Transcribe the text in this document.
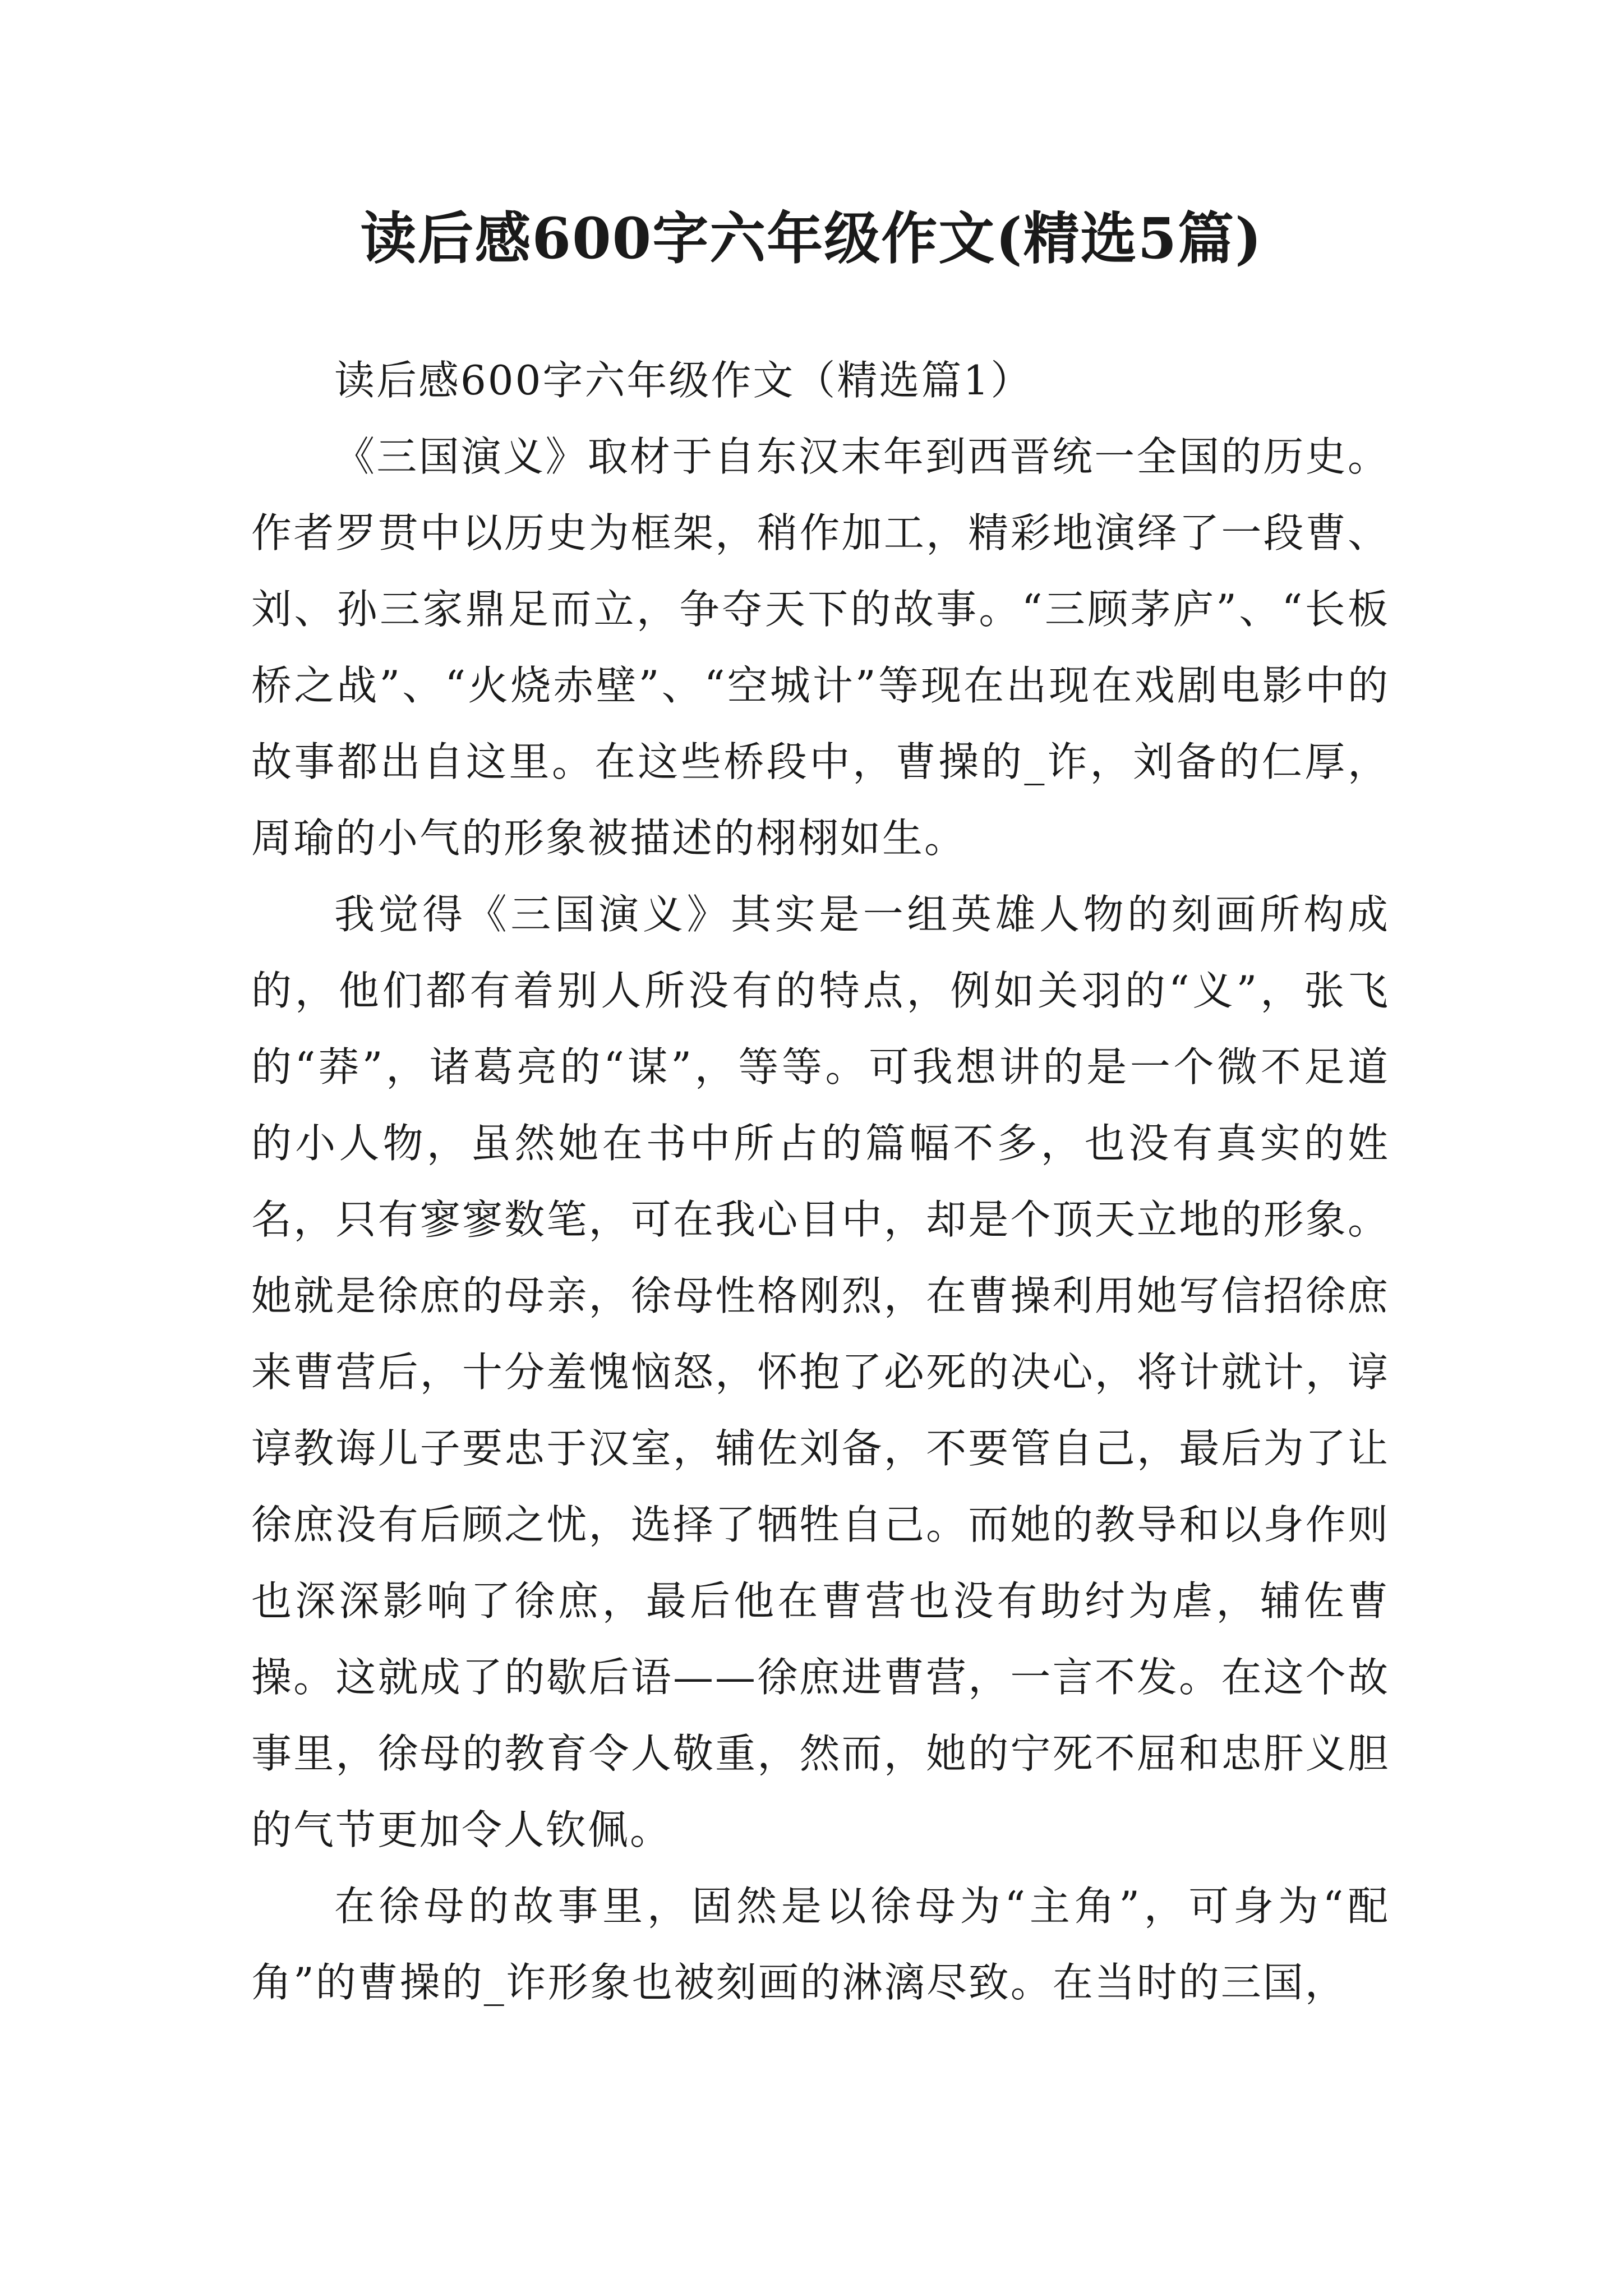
读后感600字六年级作文(精选5篇)

读后感600字六年级作文（精选篇1）

《三国演义》取材于自东汉末年到西晋统一全国的历史。作者罗贯中以历史为框架，稍作加工，精彩地演绎了一段曹、刘、孙三家鼎足而立，争夺天下的故事。“三顾茅庐”、“长板桥之战”、“火烧赤壁”、“空城计”等现在出现在戏剧电影中的故事都出自这里。在这些桥段中，曹操的_诈，刘备的仁厚，周瑜的小气的形象被描述的栩栩如生。

我觉得《三国演义》其实是一组英雄人物的刻画所构成的，他们都有着别人所没有的特点，例如关羽的“义”，张飞的“莽”，诸葛亮的“谋”，等等。可我想讲的是一个微不足道的小人物，虽然她在书中所占的篇幅不多，也没有真实的姓名，只有寥寥数笔，可在我心目中，却是个顶天立地的形象。她就是徐庶的母亲，徐母性格刚烈，在曹操利用她写信招徐庶来曹营后，十分羞愧恼怒，怀抱了必死的决心，将计就计，谆谆教诲儿子要忠于汉室，辅佐刘备，不要管自己，最后为了让徐庶没有后顾之忧，选择了牺牲自己。而她的教导和以身作则也深深影响了徐庶，最后他在曹营也没有助纣为虐，辅佐曹操。这就成了的歇后语——徐庶进曹营，一言不发。在这个故事里，徐母的教育令人敬重，然而，她的宁死不屈和忠肝义胆的气节更加令人钦佩。

在徐母的故事里，固然是以徐母为“主角”，可身为“配角”的曹操的_诈形象也被刻画的淋漓尽致。在当时的三国，
